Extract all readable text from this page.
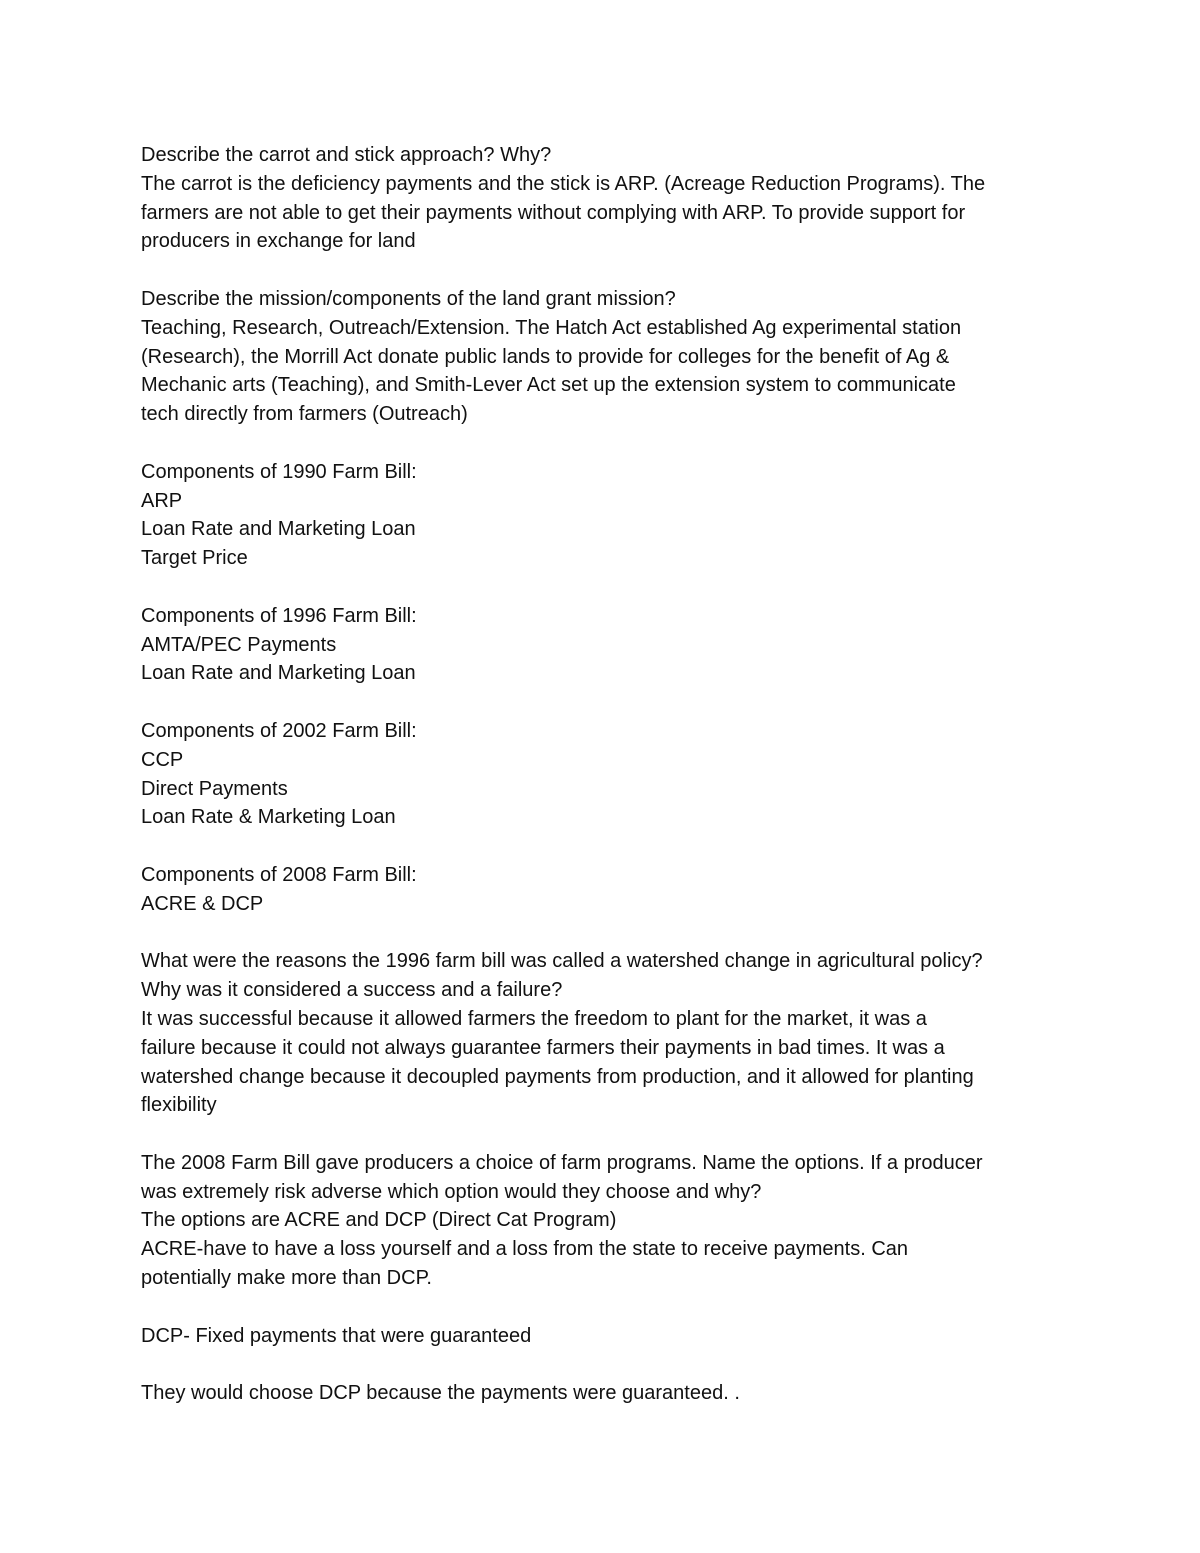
Describe the carrot and stick approach? Why?
The carrot is the deficiency payments and the stick is ARP. (Acreage Reduction Programs). The
farmers are not able to get their payments without complying with ARP. To provide support for
producers in exchange for land
Describe the mission/components of the land grant mission?
Teaching, Research, Outreach/Extension. The Hatch Act established Ag experimental station
(Research), the Morrill Act donate public lands to provide for colleges for the benefit of Ag &
Mechanic arts (Teaching), and Smith-Lever Act set up the extension system to communicate
tech directly from farmers (Outreach)
Components of 1990 Farm Bill:
ARP
Loan Rate and Marketing Loan
Target Price
Components of 1996 Farm Bill:
AMTA/PEC Payments
Loan Rate and Marketing Loan
Components of 2002 Farm Bill:
CCP
Direct Payments
Loan Rate & Marketing Loan
Components of 2008 Farm Bill:
ACRE & DCP
What were the reasons the 1996 farm bill was called a watershed change in agricultural policy?
Why was it considered a success and a failure?
It was successful because it allowed farmers the freedom to plant for the market, it was a
failure because it could not always guarantee farmers their payments in bad times. It was a
watershed change because it decoupled payments from production, and it allowed for planting
flexibility
The 2008 Farm Bill gave producers a choice of farm programs. Name the options. If a producer
was extremely risk adverse which option would they choose and why?
The options are ACRE and DCP (Direct Cat Program)
ACRE-have to have a loss yourself and a loss from the state to receive payments. Can
potentially make more than DCP.
DCP- Fixed payments that were guaranteed
They would choose DCP because the payments were guaranteed. .
